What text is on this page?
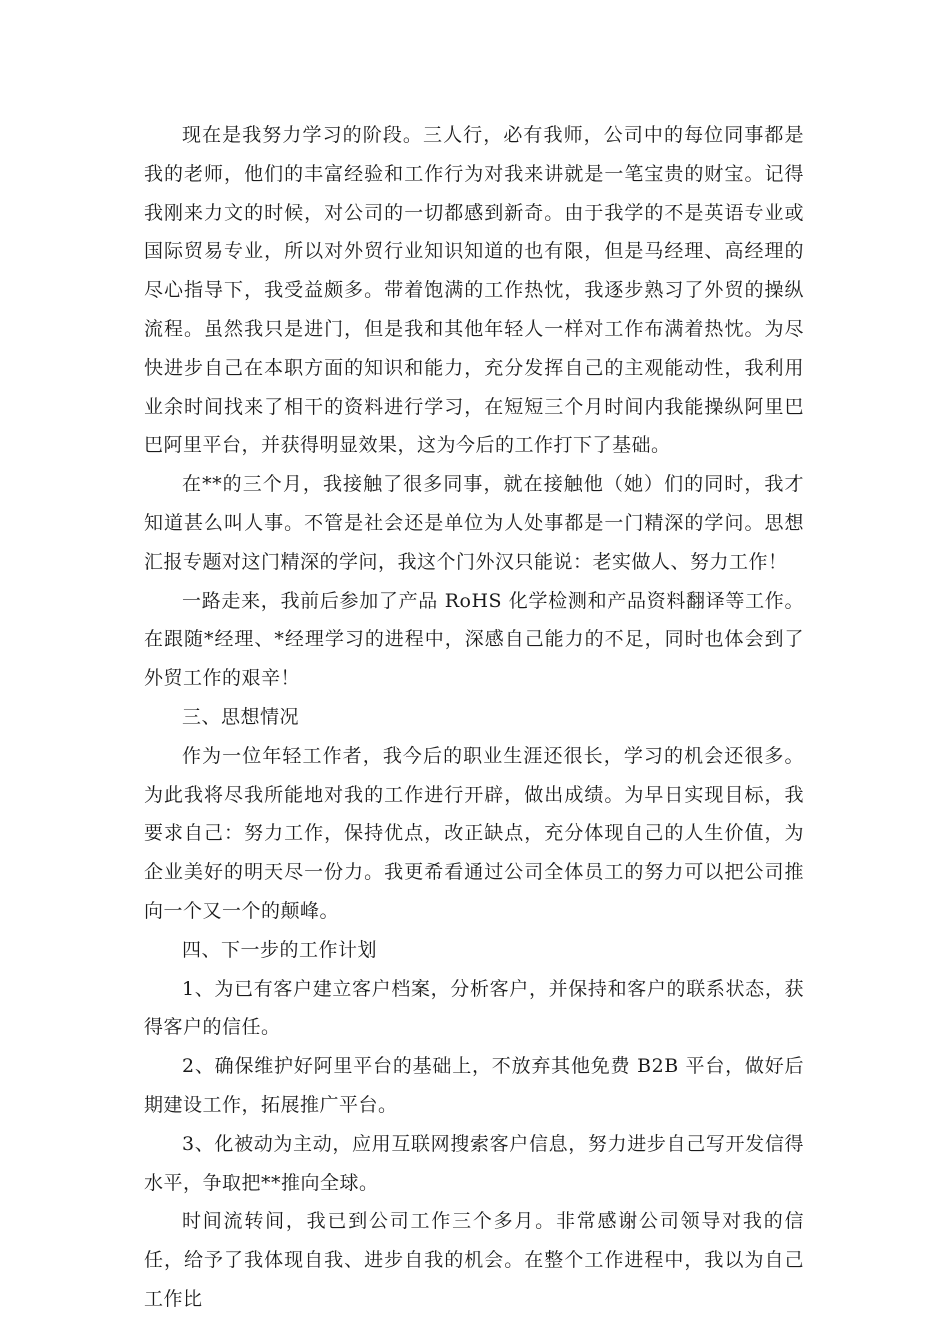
现在是我努力学习的阶段。三人行，必有我师，公司中的每位同事都是我的老师，他们的丰富经验和工作行为对我来讲就是一笔宝贵的财宝。记得我刚来力文的时候，对公司的一切都感到新奇。由于我学的不是英语专业或国际贸易专业，所以对外贸行业知识知道的也有限，但是马经理、高经理的尽心指导下，我受益颇多。带着饱满的工作热忱，我逐步熟习了外贸的操纵流程。虽然我只是进门，但是我和其他年轻人一样对工作布满着热忱。为尽快进步自己在本职方面的知识和能力，充分发挥自己的主观能动性，我利用业余时间找来了相干的资料进行学习，在短短三个月时间内我能操纵阿里巴巴阿里平台，并获得明显效果，这为今后的工作打下了基础。

在**的三个月，我接触了很多同事，就在接触他（她）们的同时，我才知道甚么叫人事。不管是社会还是单位为人处事都是一门精深的学问。思想汇报专题对这门精深的学问，我这个门外汉只能说：老实做人、努力工作！

一路走来，我前后参加了产品 RoHS 化学检测和产品资料翻译等工作。在跟随*经理、*经理学习的进程中，深感自己能力的不足，同时也体会到了外贸工作的艰辛！

三、思想情况

作为一位年轻工作者，我今后的职业生涯还很长，学习的机会还很多。为此我将尽我所能地对我的工作进行开辟，做出成绩。为早日实现目标，我要求自己：努力工作，保持优点，改正缺点，充分体现自己的人生价值，为企业美好的明天尽一份力。我更希看通过公司全体员工的努力可以把公司推向一个又一个的颠峰。

四、下一步的工作计划

1、为已有客户建立客户档案，分析客户，并保持和客户的联系状态，获得客户的信任。

2、确保维护好阿里平台的基础上，不放弃其他免费 B2B 平台，做好后期建设工作，拓展推广平台。

3、化被动为主动，应用互联网搜索客户信息，努力进步自己写开发信得水平，争取把**推向全球。

时间流转间，我已到公司工作三个多月。非常感谢公司领导对我的信任，给予了我体现自我、进步自我的机会。在整个工作进程中，我以为自己工作比
